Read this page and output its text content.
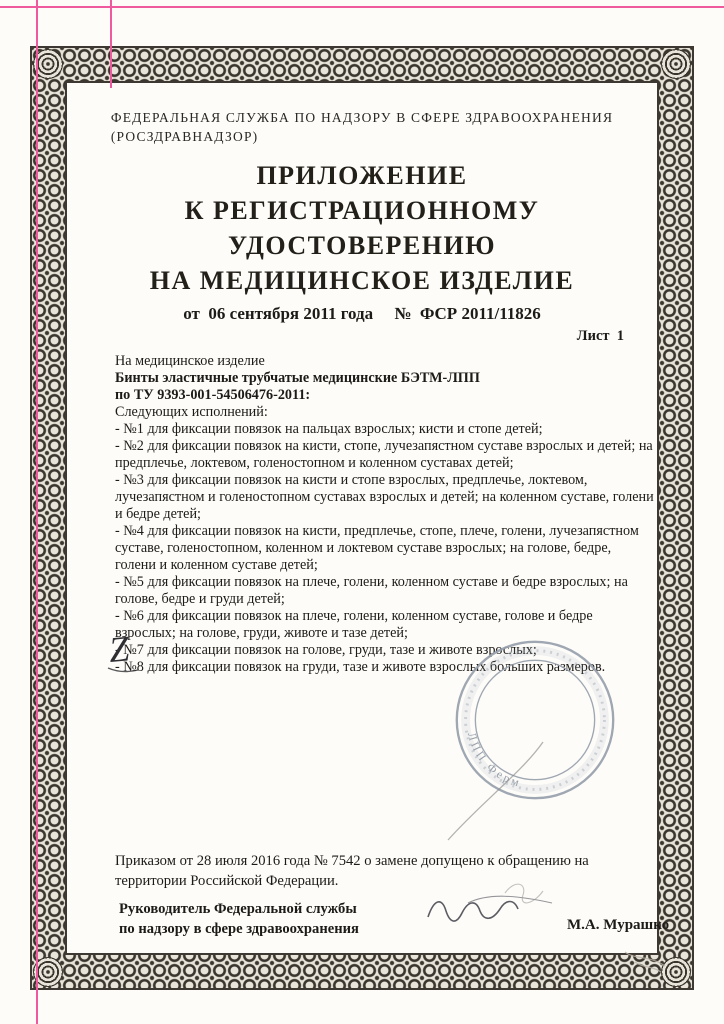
ФЕДЕРАЛЬНАЯ СЛУЖБА ПО НАДЗОРУ В СФЕРЕ ЗДРАВООХРАНЕНИЯ
(РОСЗДРАВНАДЗОР)
ПРИЛОЖЕНИЕ
К РЕГИСТРАЦИОННОМУ УДОСТОВЕРЕНИЮ
НА МЕДИЦИНСКОЕ ИЗДЕЛИЕ
от  06 сентября 2011 года     №  ФСР 2011/11826
Лист  1
На медицинское изделие
Бинты эластичные трубчатые медицинские БЭТМ-ЛПП
по ТУ 9393-001-54506476-2011:
Следующих исполнений:
- №1 для фиксации повязок на пальцах взрослых; кисти и стопе детей;
- №2 для фиксации повязок на кисти, стопе, лучезапястном суставе взрослых и детей; на предплечье, локтевом, голеностопном и коленном суставах детей;
- №3 для фиксации повязок на кисти и стопе взрослых, предплечье, локтевом, лучезапястном и голеностопном суставах взрослых и детей; на коленном суставе, голени и бедре детей;
- №4 для фиксации повязок на кисти, предплечье, стопе, плече, голени, лучезапястном суставе, голеностопном, коленном и локтевом суставе взрослых; на голове, бедре, голени и коленном суставе детей;
- №5 для фиксации повязок на плече, голени, коленном суставе и бедре взрослых; на голове, бедре и груди детей;
- №6 для фиксации повязок на плече, голени, коленном суставе, голове и бедре взрослых; на голове, груди, животе и тазе детей;
- №7 для фиксации повязок на голове, груди, тазе и животе взрослых;
- №8 для фиксации повязок на груди, тазе и животе взрослых больших размеров.
Приказом от 28 июля 2016 года № 7542 о замене допущено к обращению на территории Российской Федерации.
Руководитель Федеральной службы
по надзору в сфере здравоохранения	М.А. Мурашко
ЛПП Ферм
Z
